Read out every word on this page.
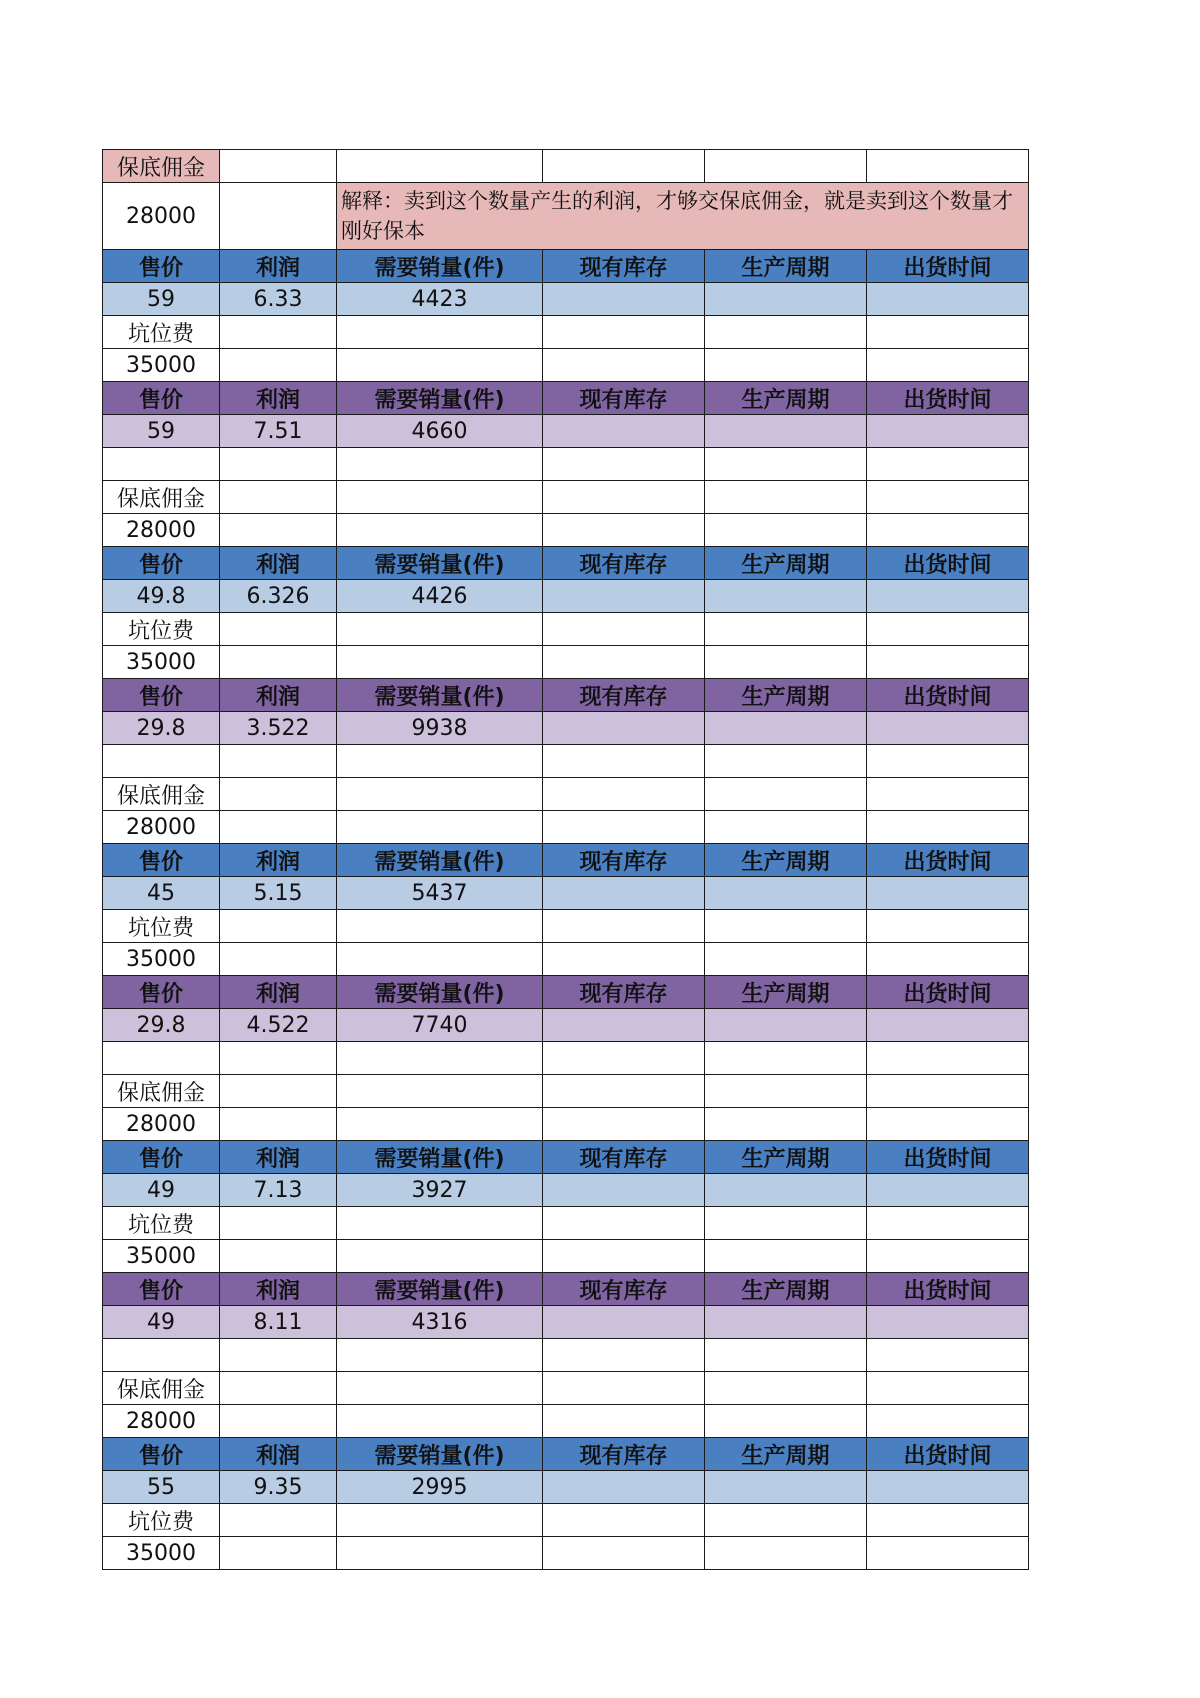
保底佣金					
28000		解释：卖到这个数量产生的利润，才够交保底佣金，就是卖到这个数量才刚好保本			
售价	利润	需要销量(件)	现有库存	生产周期	出货时间
59	6.33	4423			
坑位费					
35000					
售价	利润	需要销量(件)	现有库存	生产周期	出货时间
59	7.51	4660			

保底佣金					
28000					
售价	利润	需要销量(件)	现有库存	生产周期	出货时间
49.8	6.326	4426			
坑位费					
35000					
售价	利润	需要销量(件)	现有库存	生产周期	出货时间
29.8	3.522	9938			

保底佣金					
28000					
售价	利润	需要销量(件)	现有库存	生产周期	出货时间
45	5.15	5437			
坑位费					
35000					
售价	利润	需要销量(件)	现有库存	生产周期	出货时间
29.8	4.522	7740			

保底佣金					
28000					
售价	利润	需要销量(件)	现有库存	生产周期	出货时间
49	7.13	3927			
坑位费					
35000					
售价	利润	需要销量(件)	现有库存	生产周期	出货时间
49	8.11	4316			

保底佣金					
28000					
售价	利润	需要销量(件)	现有库存	生产周期	出货时间
55	9.35	2995			
坑位费					
35000					
